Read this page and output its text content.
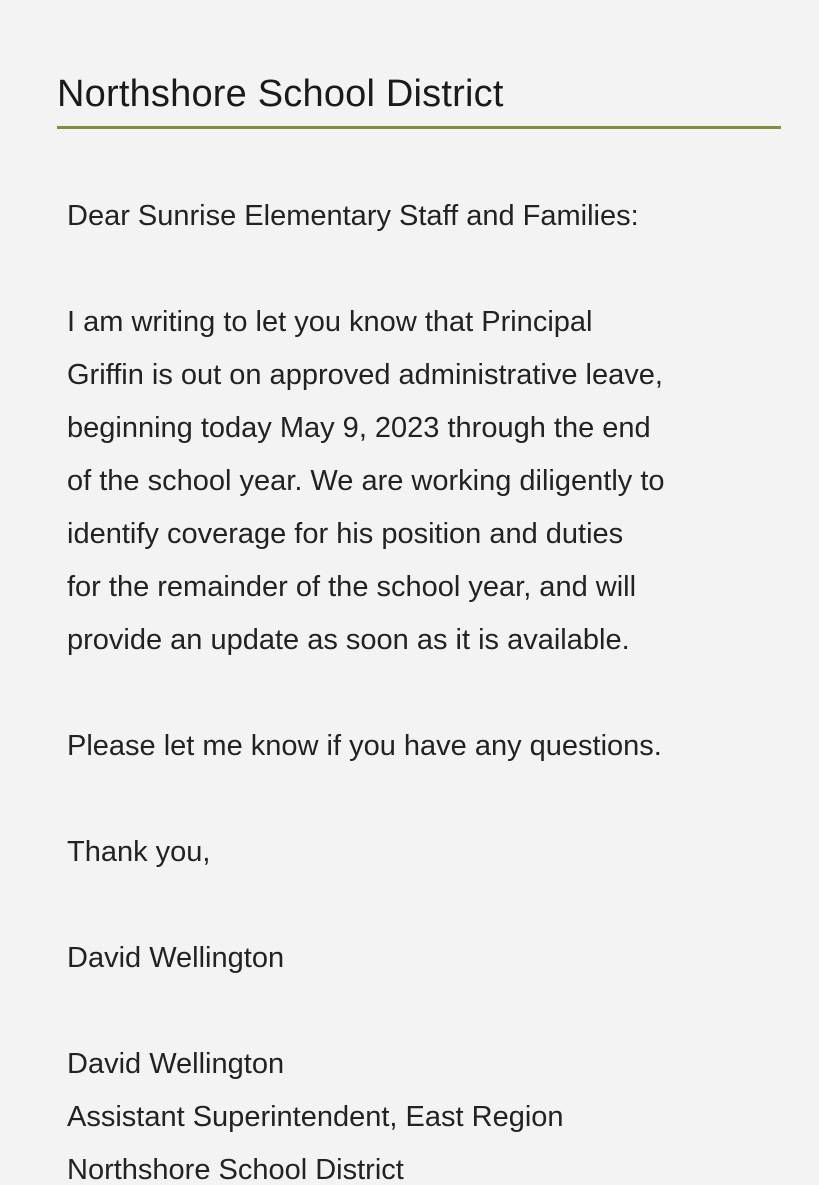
Northshore School District

Dear Sunrise Elementary Staff and Families:

I am writing to let you know that Principal
Griffin is out on approved administrative leave,
beginning today May 9, 2023 through the end
of the school year. We are working diligently to
identify coverage for his position and duties
for the remainder of the school year, and will
provide an update as soon as it is available.

Please let me know if you have any questions.

Thank you,

David Wellington

David Wellington
Assistant Superintendent, East Region
Northshore School District
